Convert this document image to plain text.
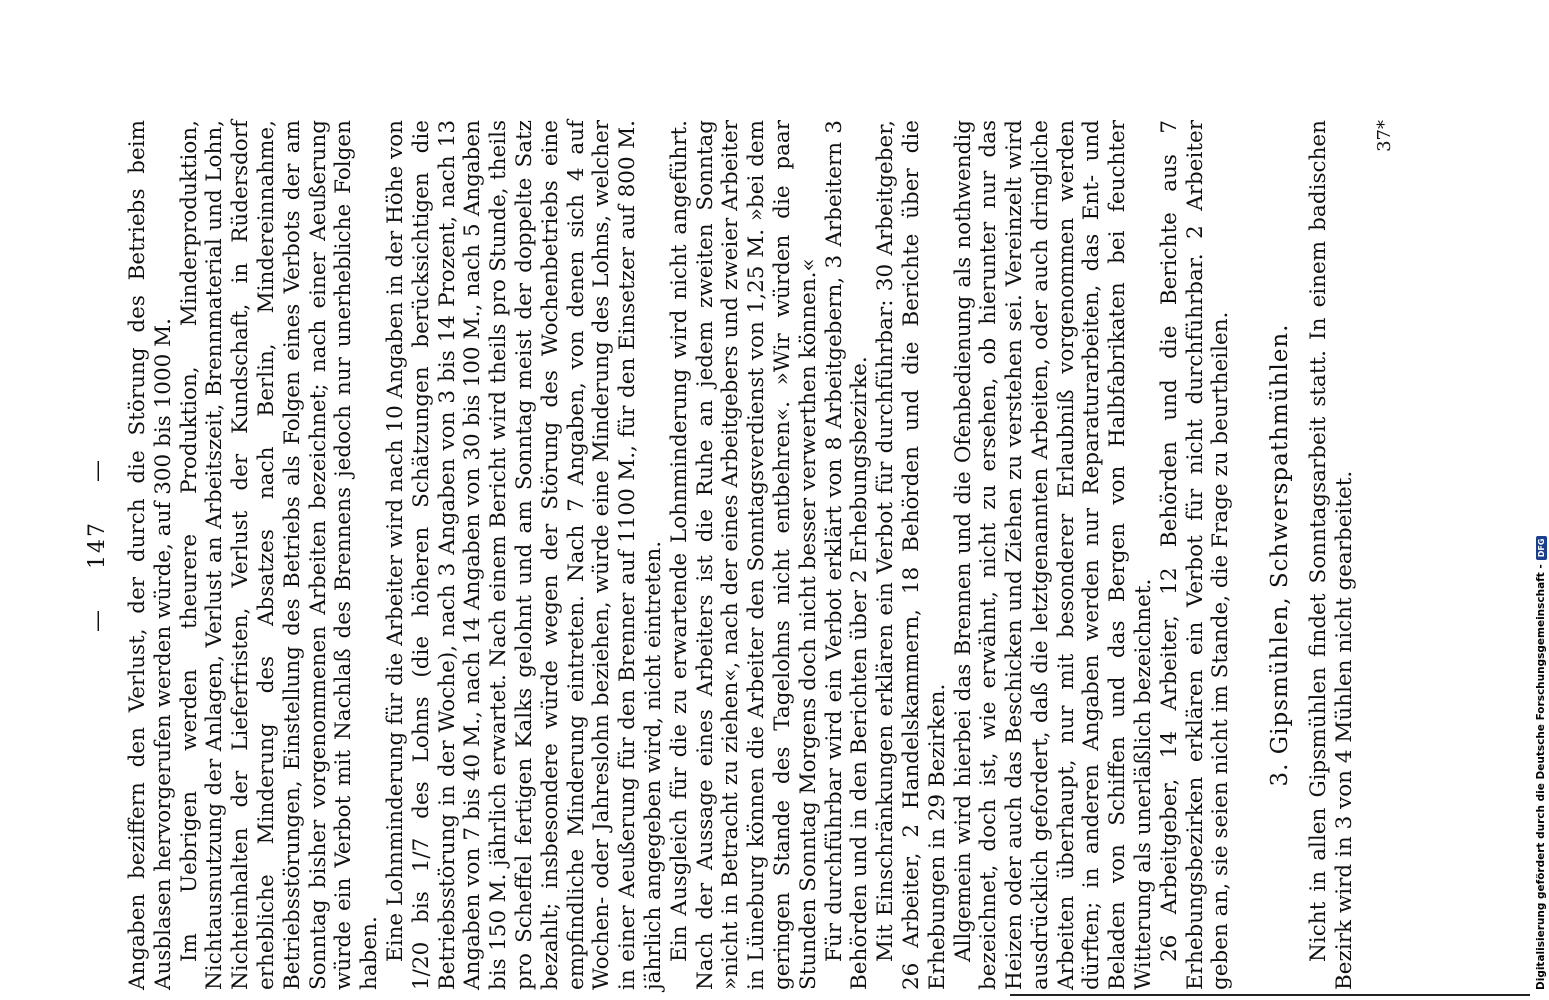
— 147 — Angaben beziffern den Verlust, der durch die Störung des Betriebs beim Ausblasen hervorgerufen werden würde, auf 300 bis 1000 M. Im Uebrigen werden theurere Produktion, Minderproduktion, Nichtausnutzung der Anlagen, Verlust an Arbeitszeit, Brennmaterial und Lohn, Nichteinhalten der Lieferfristen, Verlust der Kundschaft, in Rüdersdorf erhebliche Minderung des Absatzes nach Berlin, Mindereinnahme, Betriebsstörungen, Einstellung des Betriebs als Folgen eines Verbots der am Sonntag bisher vorgenommenen Arbeiten bezeichnet; nach einer Aeußerung würde ein Verbot mit Nachlaß des Brennens jedoch nur unerhebliche Folgen haben. Eine Lohnminderung für die Arbeiter wird nach 10 Angaben in der Höhe von 1/20 bis 1/7 des Lohns (die höheren Schätzungen berücksichtigen die Betriebsstörung in der Woche), nach 3 Angaben von 3 bis 14 Prozent, nach 13 Angaben von 7 bis 40 M., nach 14 Angaben von 30 bis 100 M., nach 5 Angaben bis 150 M. jährlich erwartet. Nach einem Bericht wird theils pro Stunde, theils pro Scheffel fertigen Kalks gelohnt und am Sonntag meist der doppelte Satz bezahlt; insbesondere würde wegen der Störung des Wochenbetriebs eine empfindliche Minderung eintreten. Nach 7 Angaben, von denen sich 4 auf Wochen- oder Jahreslohn beziehen, würde eine Minderung des Lohns, welcher in einer Aeußerung für den Brenner auf 1100 M., für den Einsetzer auf 800 M. jährlich angegeben wird, nicht eintreten. Ein Ausgleich für die zu erwartende Lohnminderung wird nicht angeführt. Nach der Aussage eines Arbeiters ist die Ruhe an jedem zweiten Sonntag »nicht in Betracht zu ziehen«, nach der eines Arbeitgebers und zweier Arbeiter in Lüneburg können die Arbeiter den Sonntagsverdienst von 1,25 M. »bei dem geringen Stande des Tagelohns nicht entbehren«. »Wir würden die paar Stunden Sonntag Morgens doch nicht besser verwerthen können.« Für durchführbar wird ein Verbot erklärt von 8 Arbeitgebern, 3 Arbeitern 3 Behörden und in den Berichten über 2 Erhebungsbezirke. Mit Einschränkungen erklären ein Verbot für durchführbar: 30 Arbeitgeber, 26 Arbeiter, 2 Handelskammern, 18 Behörden und die Berichte über die Erhebungen in 29 Bezirken. Allgemein wird hierbei das Brennen und die Ofenbedienung als nothwendig bezeichnet, doch ist, wie erwähnt, nicht zu ersehen, ob hierunter nur das Heizen oder auch das Beschicken und Ziehen zu verstehen sei. Vereinzelt wird ausdrücklich gefordert, daß die letztgenannten Arbeiten, oder auch dringliche Arbeiten überhaupt, nur mit besonderer Erlaubniß vorgenommen werden dürften; in anderen Angaben werden nur Reparaturarbeiten, das Ent- und Beladen von Schiffen und das Bergen von Halbfabrikaten bei feuchter Witterung als unerläßlich bezeichnet. 26 Arbeitgeber, 14 Arbeiter, 12 Behörden und die Berichte aus 7 Erhebungsbezirken erklären ein Verbot für nicht durchführbar. 2 Arbeiter geben an, sie seien nicht im Stande, die Frage zu beurtheilen. 3. Gipsmühlen, Schwerspathmühlen. Nicht in allen Gipsmühlen findet Sonntagsarbeit statt. In einem badischen Bezirk wird in 3 von 4 Mühlen nicht gearbeitet.

37*

Digitalisierung gefördert durch die Deutsche Forschungsgemeinschaft -
DFG
